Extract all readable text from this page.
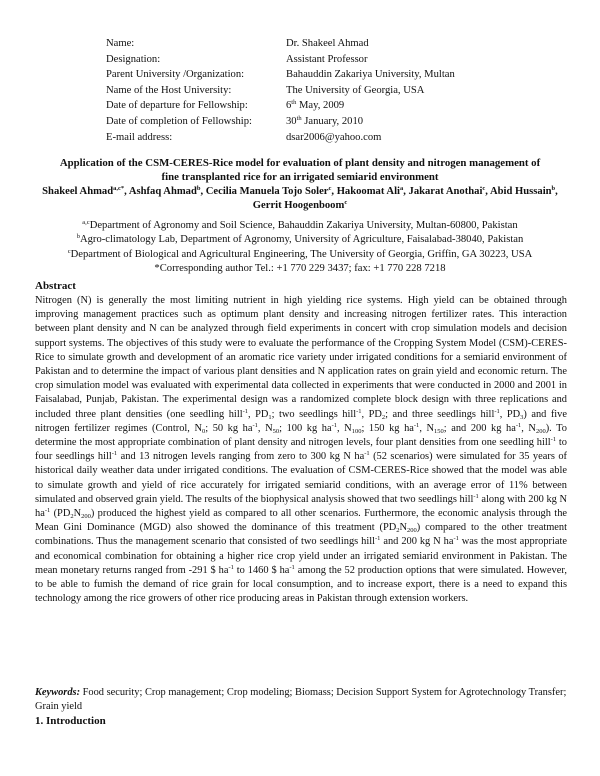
Name:	Dr. Shakeel Ahmad
Designation:	Assistant Professor
Parent University /Organization:	Bahauddin Zakariya University, Multan
Name of the Host University:	The University of Georgia, USA
Date of departure for Fellowship:	6th May, 2009
Date of completion of Fellowship:	30th January, 2010
E-mail address:	dsar2006@yahoo.com
Application of the CSM-CERES-Rice model for evaluation of plant density and nitrogen management of
fine transplanted rice for an irrigated semiarid environment
Shakeel Ahmad$^{a,c*}$, Ashfaq Ahmad$^b$, Cecilia Manuela Tojo Soler$^c$, Hakoomat Ali$^a$, Jakarat Anothai$^c$, Abid Hussain$^b$, Gerrit Hoogenboom$^c$
$^{a,c}$Department of Agronomy and Soil Science, Bahauddin Zakariya University, Multan-60800, Pakistan
$^b$Agro-climatology Lab, Department of Agronomy, University of Agriculture, Faisalabad-38040, Pakistan
$^c$Department of Biological and Agricultural Engineering, The University of Georgia, Griffin, GA 30223, USA
*Corresponding author Tel.: +1 770 229 3437; fax: +1 770 228 7218
Abstract
Nitrogen (N) is generally the most limiting nutrient in high yielding rice systems. High yield can be obtained through improving management practices such as optimum plant density and increasing nitrogen fertilizer rates. This interaction between plant density and N can be analyzed through field experiments in concert with crop simulation models and decision support systems. The objectives of this study were to evaluate the performance of the Cropping System Model (CSM)-CERES-Rice to simulate growth and development of an aromatic rice variety under irrigated conditions for a semiarid environment of Pakistan and to determine the impact of various plant densities and N application rates on grain yield and economic return. The crop simulation model was evaluated with experimental data collected in experiments that were conducted in 2000 and 2001 in Faisalabad, Punjab, Pakistan. The experimental design was a randomized complete block design with three replications and included three plant densities (one seedling hill$^{-1}$, $PD_1$; two seedlings hill$^{-1}$, $PD_2$; and three seedlings hill$^{-1}$, $PD_3$) and five nitrogen fertilizer regimes (Control, $N_0$; 50 kg $ha^{-1}$, $N_{50}$; 100 kg $ha^{-1}$, $N_{100}$; 150 kg $ha^{-1}$, $N_{150}$; and 200 kg $ha^{-1}$, $N_{200}$). To determine the most appropriate combination of plant density and nitrogen levels, four plant densities from one seedling hill$^{-1}$ to four seedlings hill$^{-1}$ and 13 nitrogen levels ranging from zero to 300 kg N $ha^{-1}$ (52 scenarios) were simulated for 35 years of historical daily weather data under irrigated conditions. The evaluation of CSM-CERES-Rice showed that the model was able to simulate growth and yield of rice accurately for irrigated semiarid conditions, with an average error of 11% between simulated and observed grain yield. The results of the biophysical analysis showed that two seedlings hill$^{-1}$ along with 200 kg N $ha^{-1}$ $(PD_2N_{200})$ produced the highest yield as compared to all other scenarios. Furthermore, the economic analysis through the Mean Gini Dominance (MGD) also showed the dominance of this treatment $(PD_2N_{200})$ compared to the other treatment combinations. Thus the management scenario that consisted of two seedlings hill$^{-1}$ and 200 kg N $ha^{-1}$ was the most appropriate and economical combination for obtaining a higher rice crop yield under an irrigated semiarid environment in Pakistan. The mean monetary returns ranged from -291 $ $ha^{-1}$ to 1460 $ $ha^{-1}$ among the 52 production options that were simulated. However, to be able to fumish the demand of rice grain for local consumption, and to increase export, there is a need to expand this technology among the rice growers of other rice producing areas in Pakistan through extension workers.
Keywords: Food security; Crop management; Crop modeling; Biomass; Decision Support System for Agrotechnology Transfer; Grain yield
1. Introduction
